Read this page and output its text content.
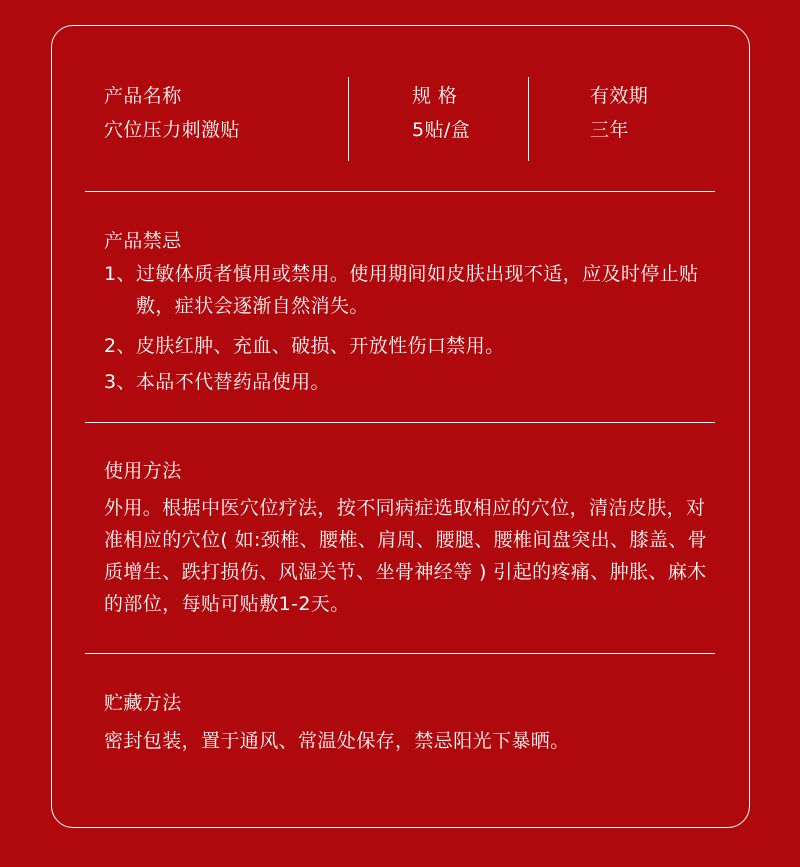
产品名称
穴位压力刺激贴
规 格
5贴/盒
有效期
三年
产品禁忌
1、过敏体质者慎用或禁用。使用期间如皮肤出现不适，应及时停止贴敷，症状会逐渐自然消失。
2、皮肤红肿、充血、破损、开放性伤口禁用。
3、本品不代替药品使用。
使用方法
外用。根据中医穴位疗法，按不同病症选取相应的穴位，清洁皮肤，对准相应的穴位( 如:颈椎、腰椎、肩周、腰腿、腰椎间盘突出、膝盖、骨质增生、跌打损伤、风湿关节、坐骨神经等 ) 引起的疼痛、肿胀、麻木的部位，每贴可贴敷1-2天。
贮藏方法
密封包装，置于通风、常温处保存，禁忌阳光下暴晒。
